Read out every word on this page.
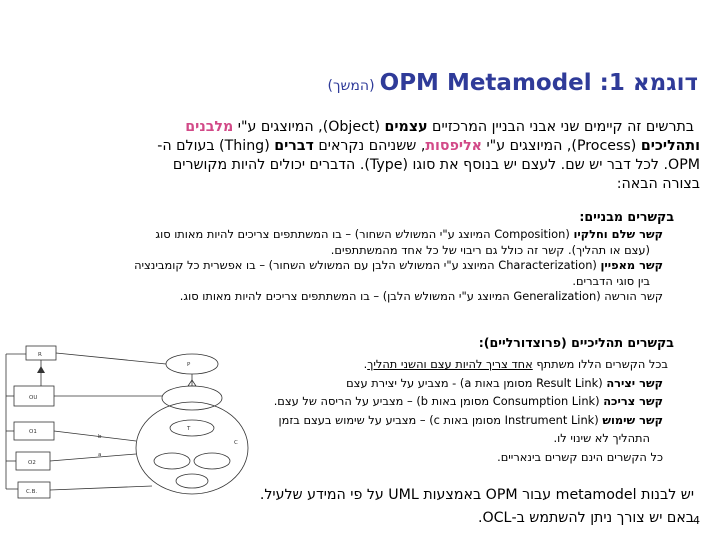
דוגמא 1: OPM Metamodel (המשך)
בתרשים זה קיימים שני אבני הבניין המרכזיים עצמים (Object), המיוצגים ע"י מלבנים
ותהליכים (Process), המיוצגים ע"י אליפסות, ששניהם נקראים דברים (Thing) בעולם ה-
OPM. לכל דבר יש שם. לעצם יש בנוסף את סוגו (Type). הדברים יכולים להיות מקושרים
בצורה הבאה:
בקשרים מבניים:
קשר שלם וחלקיו (Composition המיוצג ע"י המשולש השחור) – בו המשתתפים צריכים להיות מאותו סוג
(עצם או תהליך). קשר זה כולל גם ריבוי של כל אחד מהמשתתפים.
קשר מאפיין (Characterization המיוצג ע"י המשולש הלבן עם המשולש השחור) – בו אפשרית כל קומבינציה
בין סוגי הדברים.
קשר הורשה (Generalization המיוצג ע"י המשולש הלבן) – בו המשתתפים צריכים להיות מאותו סוג.
בקשרים תהליכיים (פרוצדורליים):
בכל הקשרים הללו משתתף אחד צריך להיות עצם והשני תהליך.
קשר יצירה (Result Link מסומן באות a) - מצביע על יצירת עצם
קשר צריכה (Consumption Link מסומן באות b) – מצביע על הריסה של עצם.
קשר שימוש (Instrument Link מסומן באות c) – מצביע על שימוש בעצם בזמן
התהליך לא שינוי לו.
כל הקשרים הינם קשרים בינאריים.
יש לבנות metamodel עבור OPM באמצעות UML על פי המידע שלעיל.
באם יש צורך ניתן להשתמש ב-OCL. 4
R
P
OU
O1
O2
C
b
a
T
C.B.
